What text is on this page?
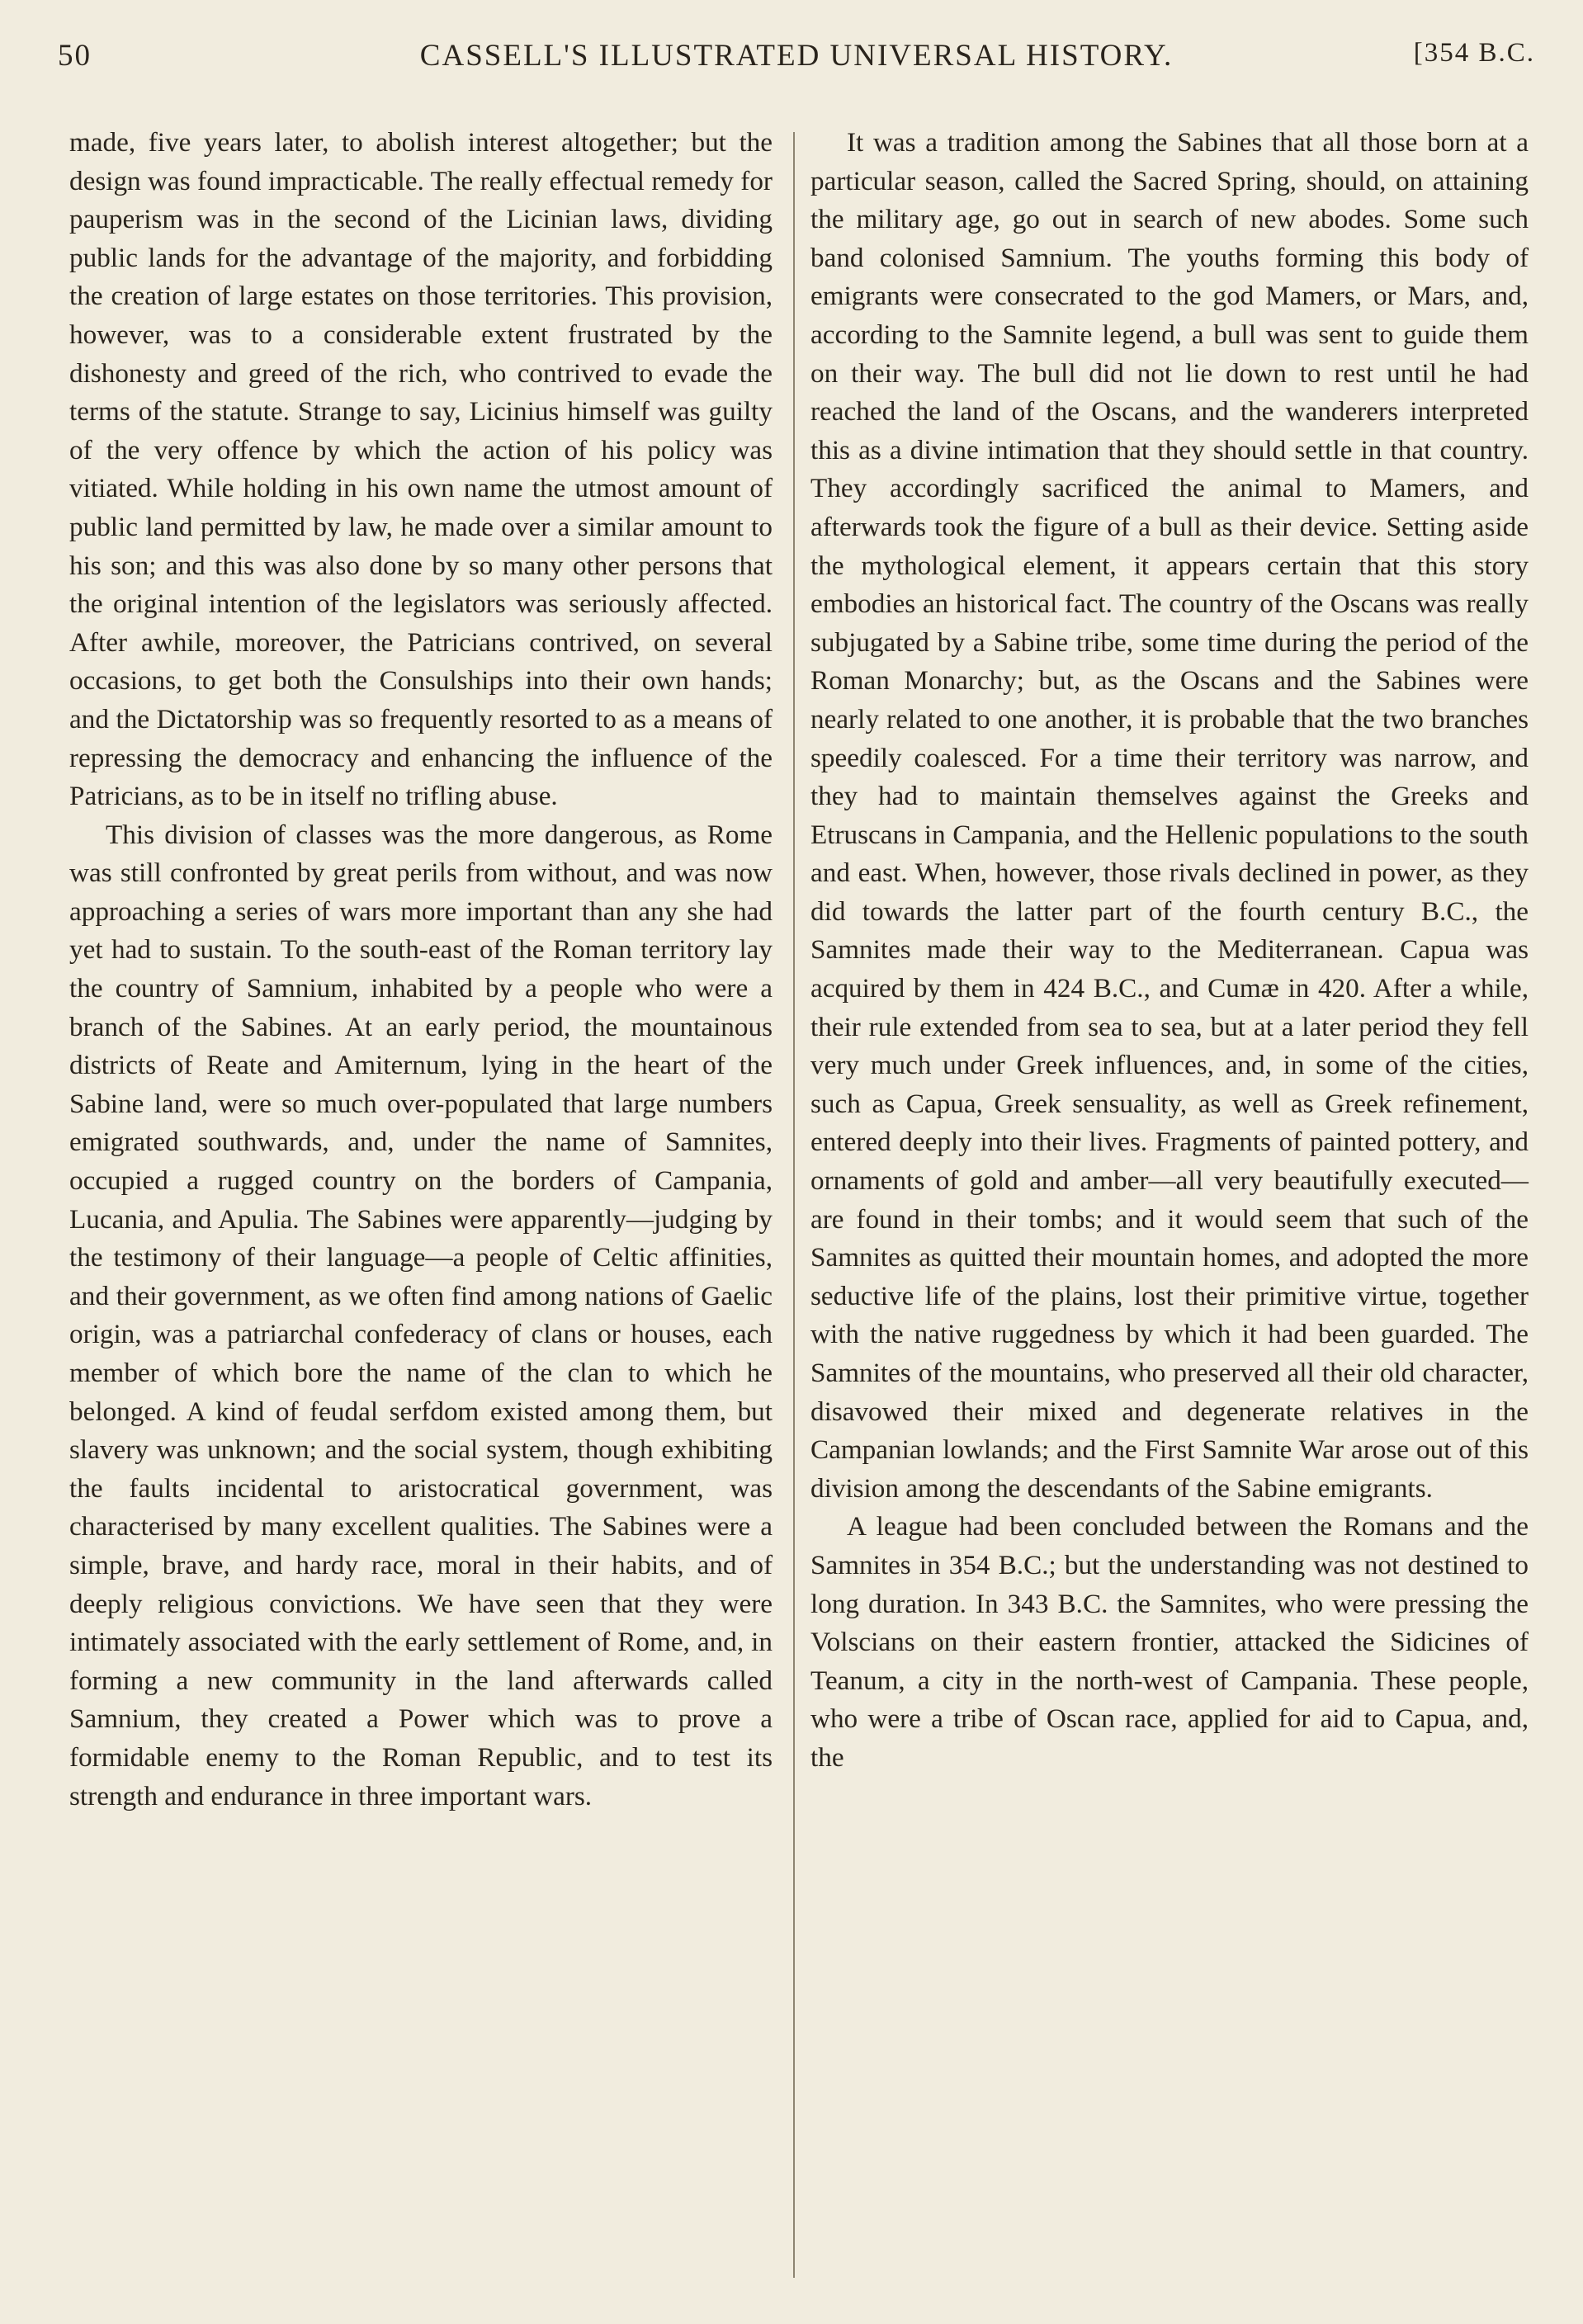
50	CASSELL'S ILLUSTRATED UNIVERSAL HISTORY.	[354 B.C.

made, five years later, to abolish interest altogether; but the design was found impracticable. The really effectual remedy for pauperism was in the second of the Licinian laws, dividing public lands for the advantage of the majority, and forbidding the creation of large estates on those territories. This provision, however, was to a considerable extent frustrated by the dishonesty and greed of the rich, who contrived to evade the terms of the statute. Strange to say, Licinius himself was guilty of the very offence by which the action of his policy was vitiated. While holding in his own name the utmost amount of public land permitted by law, he made over a similar amount to his son; and this was also done by so many other persons that the original intention of the legislators was seriously affected. After awhile, moreover, the Patricians contrived, on several occasions, to get both the Consulships into their own hands; and the Dictatorship was so frequently resorted to as a means of repressing the democracy and enhancing the influence of the Patricians, as to be in itself no trifling abuse.

This division of classes was the more dangerous, as Rome was still confronted by great perils from without, and was now approaching a series of wars more important than any she had yet had to sustain. To the south-east of the Roman territory lay the country of Samnium, inhabited by a people who were a branch of the Sabines. At an early period, the mountainous districts of Reate and Amiternum, lying in the heart of the Sabine land, were so much over-populated that large numbers emigrated southwards, and, under the name of Samnites, occupied a rugged country on the borders of Campania, Lucania, and Apulia. The Sabines were apparently—judging by the testimony of their language—a people of Celtic affinities, and their government, as we often find among nations of Gaelic origin, was a patriarchal confederacy of clans or houses, each member of which bore the name of the clan to which he belonged. A kind of feudal serfdom existed among them, but slavery was unknown; and the social system, though exhibiting the faults incidental to aristocratical government, was characterised by many excellent qualities. The Sabines were a simple, brave, and hardy race, moral in their habits, and of deeply religious convictions. We have seen that they were intimately associated with the early settlement of Rome, and, in forming a new community in the land afterwards called Samnium, they created a Power which was to prove a formidable enemy to the Roman Republic, and to test its strength and endurance in three important wars.

It was a tradition among the Sabines that all those born at a particular season, called the Sacred Spring, should, on attaining the military age, go out in search of new abodes. Some such band colonised Samnium. The youths forming this body of emigrants were consecrated to the god Mamers, or Mars, and, according to the Samnite legend, a bull was sent to guide them on their way. The bull did not lie down to rest until he had reached the land of the Oscans, and the wanderers interpreted this as a divine intimation that they should settle in that country. They accordingly sacrificed the animal to Mamers, and afterwards took the figure of a bull as their device. Setting aside the mythological element, it appears certain that this story embodies an historical fact. The country of the Oscans was really subjugated by a Sabine tribe, some time during the period of the Roman Monarchy; but, as the Oscans and the Sabines were nearly related to one another, it is probable that the two branches speedily coalesced. For a time their territory was narrow, and they had to maintain themselves against the Greeks and Etruscans in Campania, and the Hellenic populations to the south and east. When, however, those rivals declined in power, as they did towards the latter part of the fourth century B.C., the Samnites made their way to the Mediterranean. Capua was acquired by them in 424 B.C., and Cumæ in 420. After a while, their rule extended from sea to sea, but at a later period they fell very much under Greek influences, and, in some of the cities, such as Capua, Greek sensuality, as well as Greek refinement, entered deeply into their lives. Fragments of painted pottery, and ornaments of gold and amber—all very beautifully executed—are found in their tombs; and it would seem that such of the Samnites as quitted their mountain homes, and adopted the more seductive life of the plains, lost their primitive virtue, together with the native ruggedness by which it had been guarded. The Samnites of the mountains, who preserved all their old character, disavowed their mixed and degenerate relatives in the Campanian lowlands; and the First Samnite War arose out of this division among the descendants of the Sabine emigrants.

A league had been concluded between the Romans and the Samnites in 354 B.C.; but the understanding was not destined to long duration. In 343 B.C. the Samnites, who were pressing the Volscians on their eastern frontier, attacked the Sidicines of Teanum, a city in the north-west of Campania. These people, who were a tribe of Oscan race, applied for aid to Capua, and, the
